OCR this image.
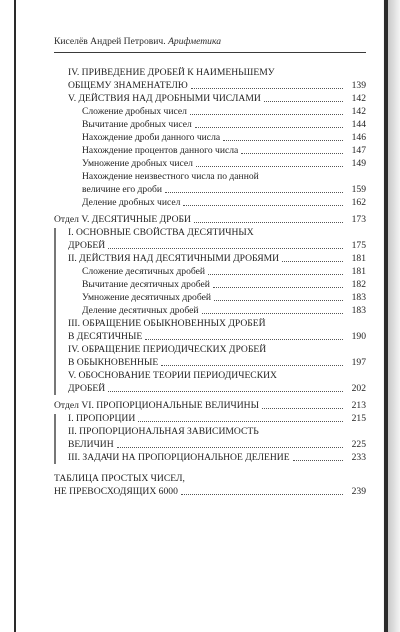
Киселёв Андрей Петрович. Арифметика
IV. ПРИВЕДЕНИЕ ДРОБЕЙ К НАИМЕНЬШЕМУ
ОБЩЕМУ ЗНАМЕНАТЕЛЮ	139
V. ДЕЙСТВИЯ НАД ДРОБНЫМИ ЧИСЛАМИ	142
Сложение дробных чисел	142
Вычитание дробных чисел	144
Нахождение дроби данного числа	146
Нахождение процентов данного числа	147
Умножение дробных чисел	149
Нахождение неизвестного числа по данной
величине его дроби	159
Деление дробных чисел	162
Отдел V. ДЕСЯТИЧНЫЕ ДРОБИ	173
I. ОСНОВНЫЕ СВОЙСТВА ДЕСЯТИЧНЫХ
ДРОБЕЙ	175
II. ДЕЙСТВИЯ НАД ДЕСЯТИЧНЫМИ ДРОБЯМИ	181
Сложение десятичных дробей	181
Вычитание десятичных дробей	182
Умножение десятичных дробей	183
Деление десятичных дробей	183
III. ОБРАЩЕНИЕ ОБЫКНОВЕННЫХ ДРОБЕЙ
В ДЕСЯТИЧНЫЕ	190
IV. ОБРАЩЕНИЕ ПЕРИОДИЧЕСКИХ ДРОБЕЙ
В ОБЫКНОВЕННЫЕ	197
V. ОБОСНОВАНИЕ ТЕОРИИ ПЕРИОДИЧЕСКИХ
ДРОБЕЙ	202
Отдел VI. ПРОПОРЦИОНАЛЬНЫЕ ВЕЛИЧИНЫ	213
I. ПРОПОРЦИИ	215
II. ПРОПОРЦИОНАЛЬНАЯ ЗАВИСИМОСТЬ
ВЕЛИЧИН	225
III. ЗАДАЧИ НА ПРОПОРЦИОНАЛЬНОЕ ДЕЛЕНИЕ	233
ТАБЛИЦА ПРОСТЫХ ЧИСЕЛ,
НЕ ПРЕВОСХОДЯЩИХ 6000	239
